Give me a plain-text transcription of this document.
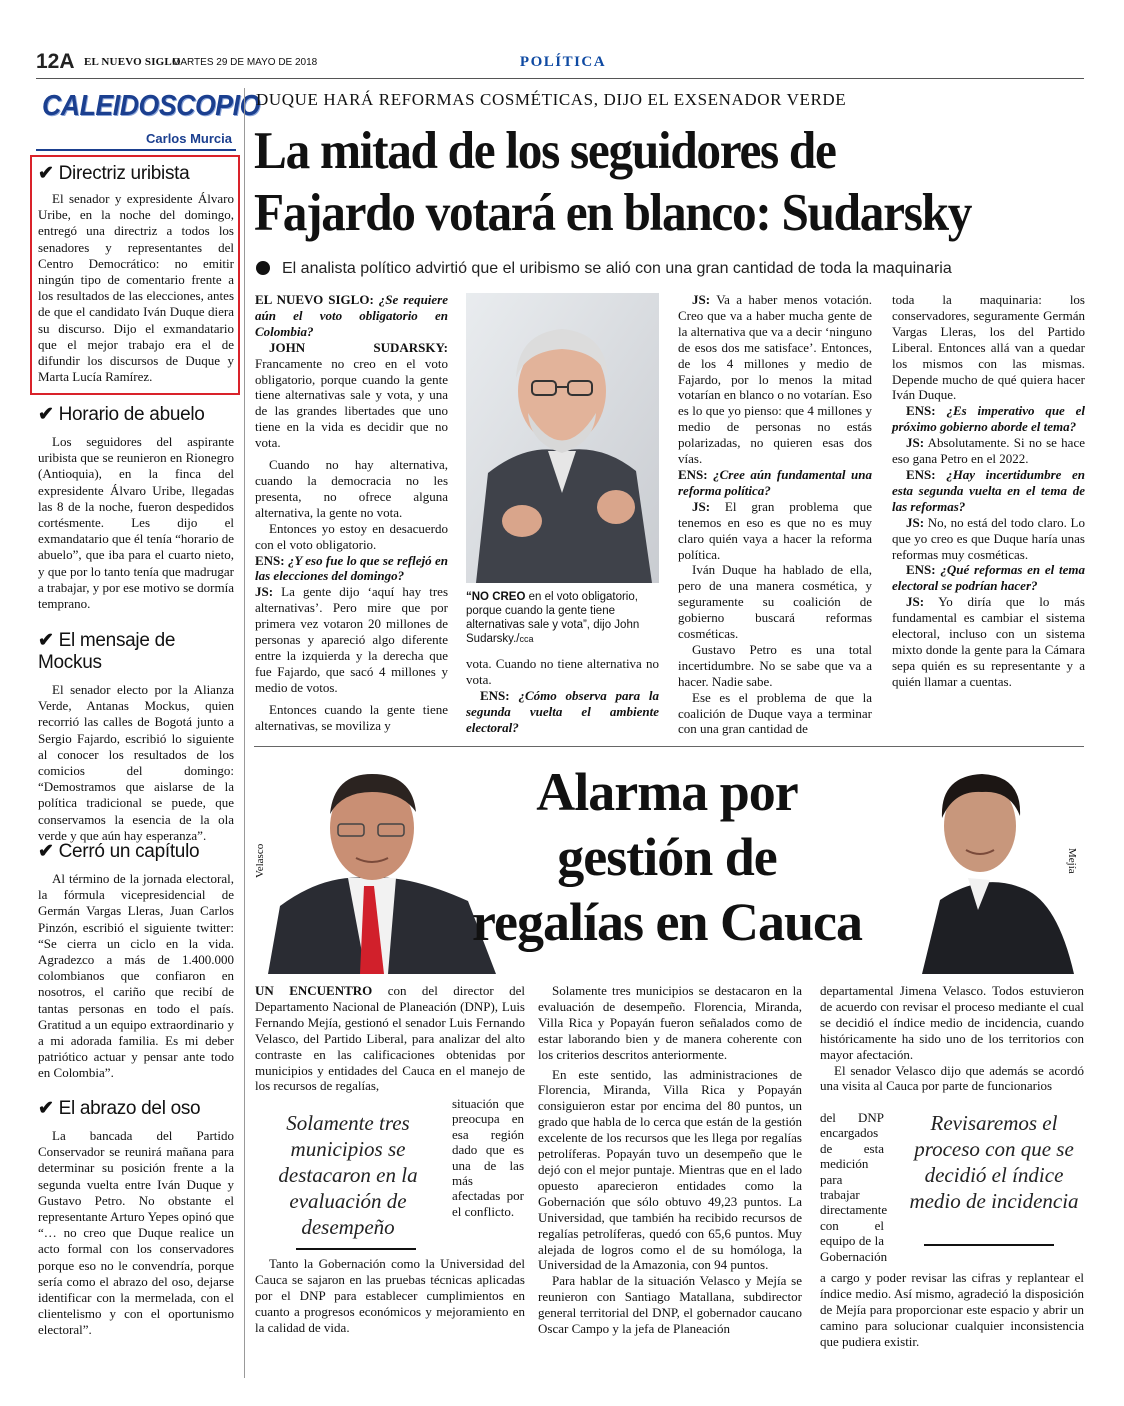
12A EL NUEVO SIGLO
MARTES 29 DE MAYO DE 2018	POLÍTICA
CALEIDOSCOPIO
Carlos Murcia
✔ Directriz uribista
El senador y expresidente Álvaro Uribe, en la noche del domingo, entregó una directriz a todos los senadores y representantes del Centro Democrático: no emitir ningún tipo de comentario frente a los resultados de las elecciones, antes de que el candidato Iván Duque diera su discurso. Dijo el exmandatario que el mejor trabajo era el de difundir los discursos de Duque y Marta Lucía Ramírez.
✔ Horario de abuelo
Los seguidores del aspirante uribista que se reunieron en Rionegro (Antioquia), en la finca del expresidente Álvaro Uribe, llegadas las 8 de la noche, fueron despedidos cortésmente. Les dijo el exmandatario que él tenía “horario de abuelo”, que iba para el cuarto nieto, y que por lo tanto tenía que madrugar a trabajar, y por ese motivo se dormía temprano.
✔ El mensaje de Mockus
El senador electo por la Alianza Verde, Antanas Mockus, quien recorrió las calles de Bogotá junto a Sergio Fajardo, escribió lo siguiente al conocer los resultados de los comicios del domingo: “Demostramos que aislarse de la política tradicional se puede, que conservamos la esencia de la ola verde y que aún hay esperanza”.
✔ Cerró un capítulo
Al término de la jornada electoral, la fórmula vicepresidencial de Germán Vargas Lleras, Juan Carlos Pinzón, escribió el siguiente twitter: “Se cierra un ciclo en la vida. Agradezco a más de 1.400.000 colombianos que confiaron en nosotros, el cariño que recibí de tantas personas en todo el país. Gratitud a un equipo extraordinario y a mi adorada familia. Es mi deber patriótico actuar y pensar ante todo en Colombia”.
✔ El abrazo del oso
La bancada del Partido Conservador se reunirá mañana para determinar su posición frente a la segunda vuelta entre Iván Duque y Gustavo Petro. No obstante el representante Arturo Yepes opinó que “… no creo que Duque realice un acto formal con los conservadores porque eso no le convendría, porque sería como el abrazo del oso, dejarse identificar con la mermelada, con el clientelismo y con el oportunismo electoral”.
DUQUE HARÁ REFORMAS COSMÉTICAS, DIJO EL EXSENADOR VERDE
La mitad de los seguidores de
Fajardo votará en blanco: Sudarsky
El analista político advirtió que el uribismo se alió con una gran cantidad de toda la maquinaria

EL NUEVO SIGLO: ¿Se requiere aún el voto obligatorio en Colombia?

JOHN SUDARSKY: Francamente no creo en el voto obligatorio, porque cuando la gente tiene alternativas sale y vota, y una de las grandes libertades que uno tiene en la vida es decidir que no vota.

Cuando no hay alternativa, cuando la democracia no les presenta, no ofrece alguna alternativa, la gente no vota.

Entonces yo estoy en desacuerdo con el voto obligatorio.

ENS: ¿Y eso fue lo que se reflejó en las elecciones del domingo?

JS: La gente dijo ‘aquí hay tres alternativas’. Pero mire que por primera vez votaron 20 millones de personas y apareció algo diferente entre la izquierda y la derecha que fue Fajardo, que sacó 4 millones y medio de votos.

Entonces cuando la gente tiene alternativas, se moviliza y

“NO CREO en el voto obligatorio, porque cuando la gente tiene alternativas sale y vota”, dijo John Sudarsky./cca

vota. Cuando no tiene alternativa no vota.

ENS: ¿Cómo observa para la segunda vuelta el ambiente electoral?

JS: Va a haber menos votación. Creo que va a haber mucha gente de la alternativa que va a decir ‘ninguno de esos dos me satisface’. Entonces, de los 4 millones y medio de Fajardo, por lo menos la mitad votarían en blanco o no votarían. Eso es lo que yo pienso: que 4 millones y medio de personas no estás polarizadas, no quieren esas dos vías.

ENS: ¿Cree aún fundamental una reforma política?

JS: El gran problema que tenemos en eso es que no es muy claro quién vaya a hacer la reforma política.

Iván Duque ha hablado de ella, pero de una manera cosmética, y seguramente su coalición de gobierno buscará reformas cosméticas.

Gustavo Petro es una total incertidumbre. No se sabe que va a hacer. Nadie sabe.

Ese es el problema de que la coalición de Duque vaya a terminar con una gran cantidad de

toda la maquinaria: los conservadores, seguramente Germán Vargas Lleras, los del Partido Liberal. Entonces allá van a quedar los mismos con las mismas. Depende mucho de qué quiera hacer Iván Duque.

ENS: ¿Es imperativo que el próximo gobierno aborde el tema?

JS: Absolutamente. Si no se hace eso gana Petro en el 2022.

ENS: ¿Hay incertidumbre en esta segunda vuelta en el tema de las reformas?

JS: No, no está del todo claro. Lo que yo creo es que Duque haría unas reformas muy cosméticas.

ENS: ¿Qué reformas en el tema electoral se podrían hacer?

JS: Yo diría que lo más fundamental es cambiar el sistema electoral, incluso con un sistema mixto donde la gente para la Cámara sepa quién es su representante y a quién llamar a cuentas.

Velasco
Alarma por
gestión de
regalías en Cauca
Mejía

UN ENCUENTRO con del director del Departamento Nacional de Planeación (DNP), Luis Fernando Mejía, gestionó el senador Luis Fernando Velasco, del Partido Liberal, para analizar del alto contraste en las calificaciones obtenidas por municipios y entidades del Cauca en el manejo de los recursos de regalías,

Solamente tres municipios se destacaron en la evaluación de desempeño

situación que preocupa en esa región dado que es una de las más afectadas por el conflicto.

Tanto la Gobernación como la Universidad del Cauca se sajaron en las pruebas técnicas aplicadas por el DNP para establecer cumplimientos en cuanto a progresos económicos y mejoramiento en la calidad de vida.

Solamente tres municipios se destacaron en la evaluación de desempeño. Florencia, Miranda, Villa Rica y Popayán fueron señalados como de estar laborando bien y de manera coherente con los criterios descritos anteriormente.

En este sentido, las administraciones de Florencia, Miranda, Villa Rica y Popayán consiguieron estar por encima del 80 puntos, un grado que habla de lo cerca que están de la gestión excelente de los recursos que les llega por regalías petrolíferas. Popayán tuvo un desempeño que le dejó con el mejor puntaje. Mientras que en el lado opuesto aparecieron entidades como la Gobernación que sólo obtuvo 49,23 puntos. La Universidad, que también ha recibido recursos de regalías petrolíferas, quedó con 65,6 puntos. Muy alejada de logros como el de su homóloga, la Universidad de la Amazonia, con 94 puntos.

Para hablar de la situación Velasco y Mejía se reunieron con Santiago Matallana, subdirector general territorial del DNP, el gobernador caucano Oscar Campo y la jefa de Planeación

departamental Jimena Velasco. Todos estuvieron de acuerdo con revisar el proceso mediante el cual se decidió el índice medio de incidencia, cuando históricamente ha sido uno de los territorios con mayor afectación.

El senador Velasco dijo que además se acordó una visita al Cauca por parte de funcionarios

del DNP encargados de esta medición para trabajar directamente con el equipo de la Gobernación

Revisaremos el proceso con que se decidió el índice medio de incidencia

a cargo y poder revisar las cifras y replantear el índice medio. Así mismo, agradeció la disposición de Mejía para proporcionar este espacio y abrir un camino para solucionar cualquier inconsistencia que pudiera existir.
